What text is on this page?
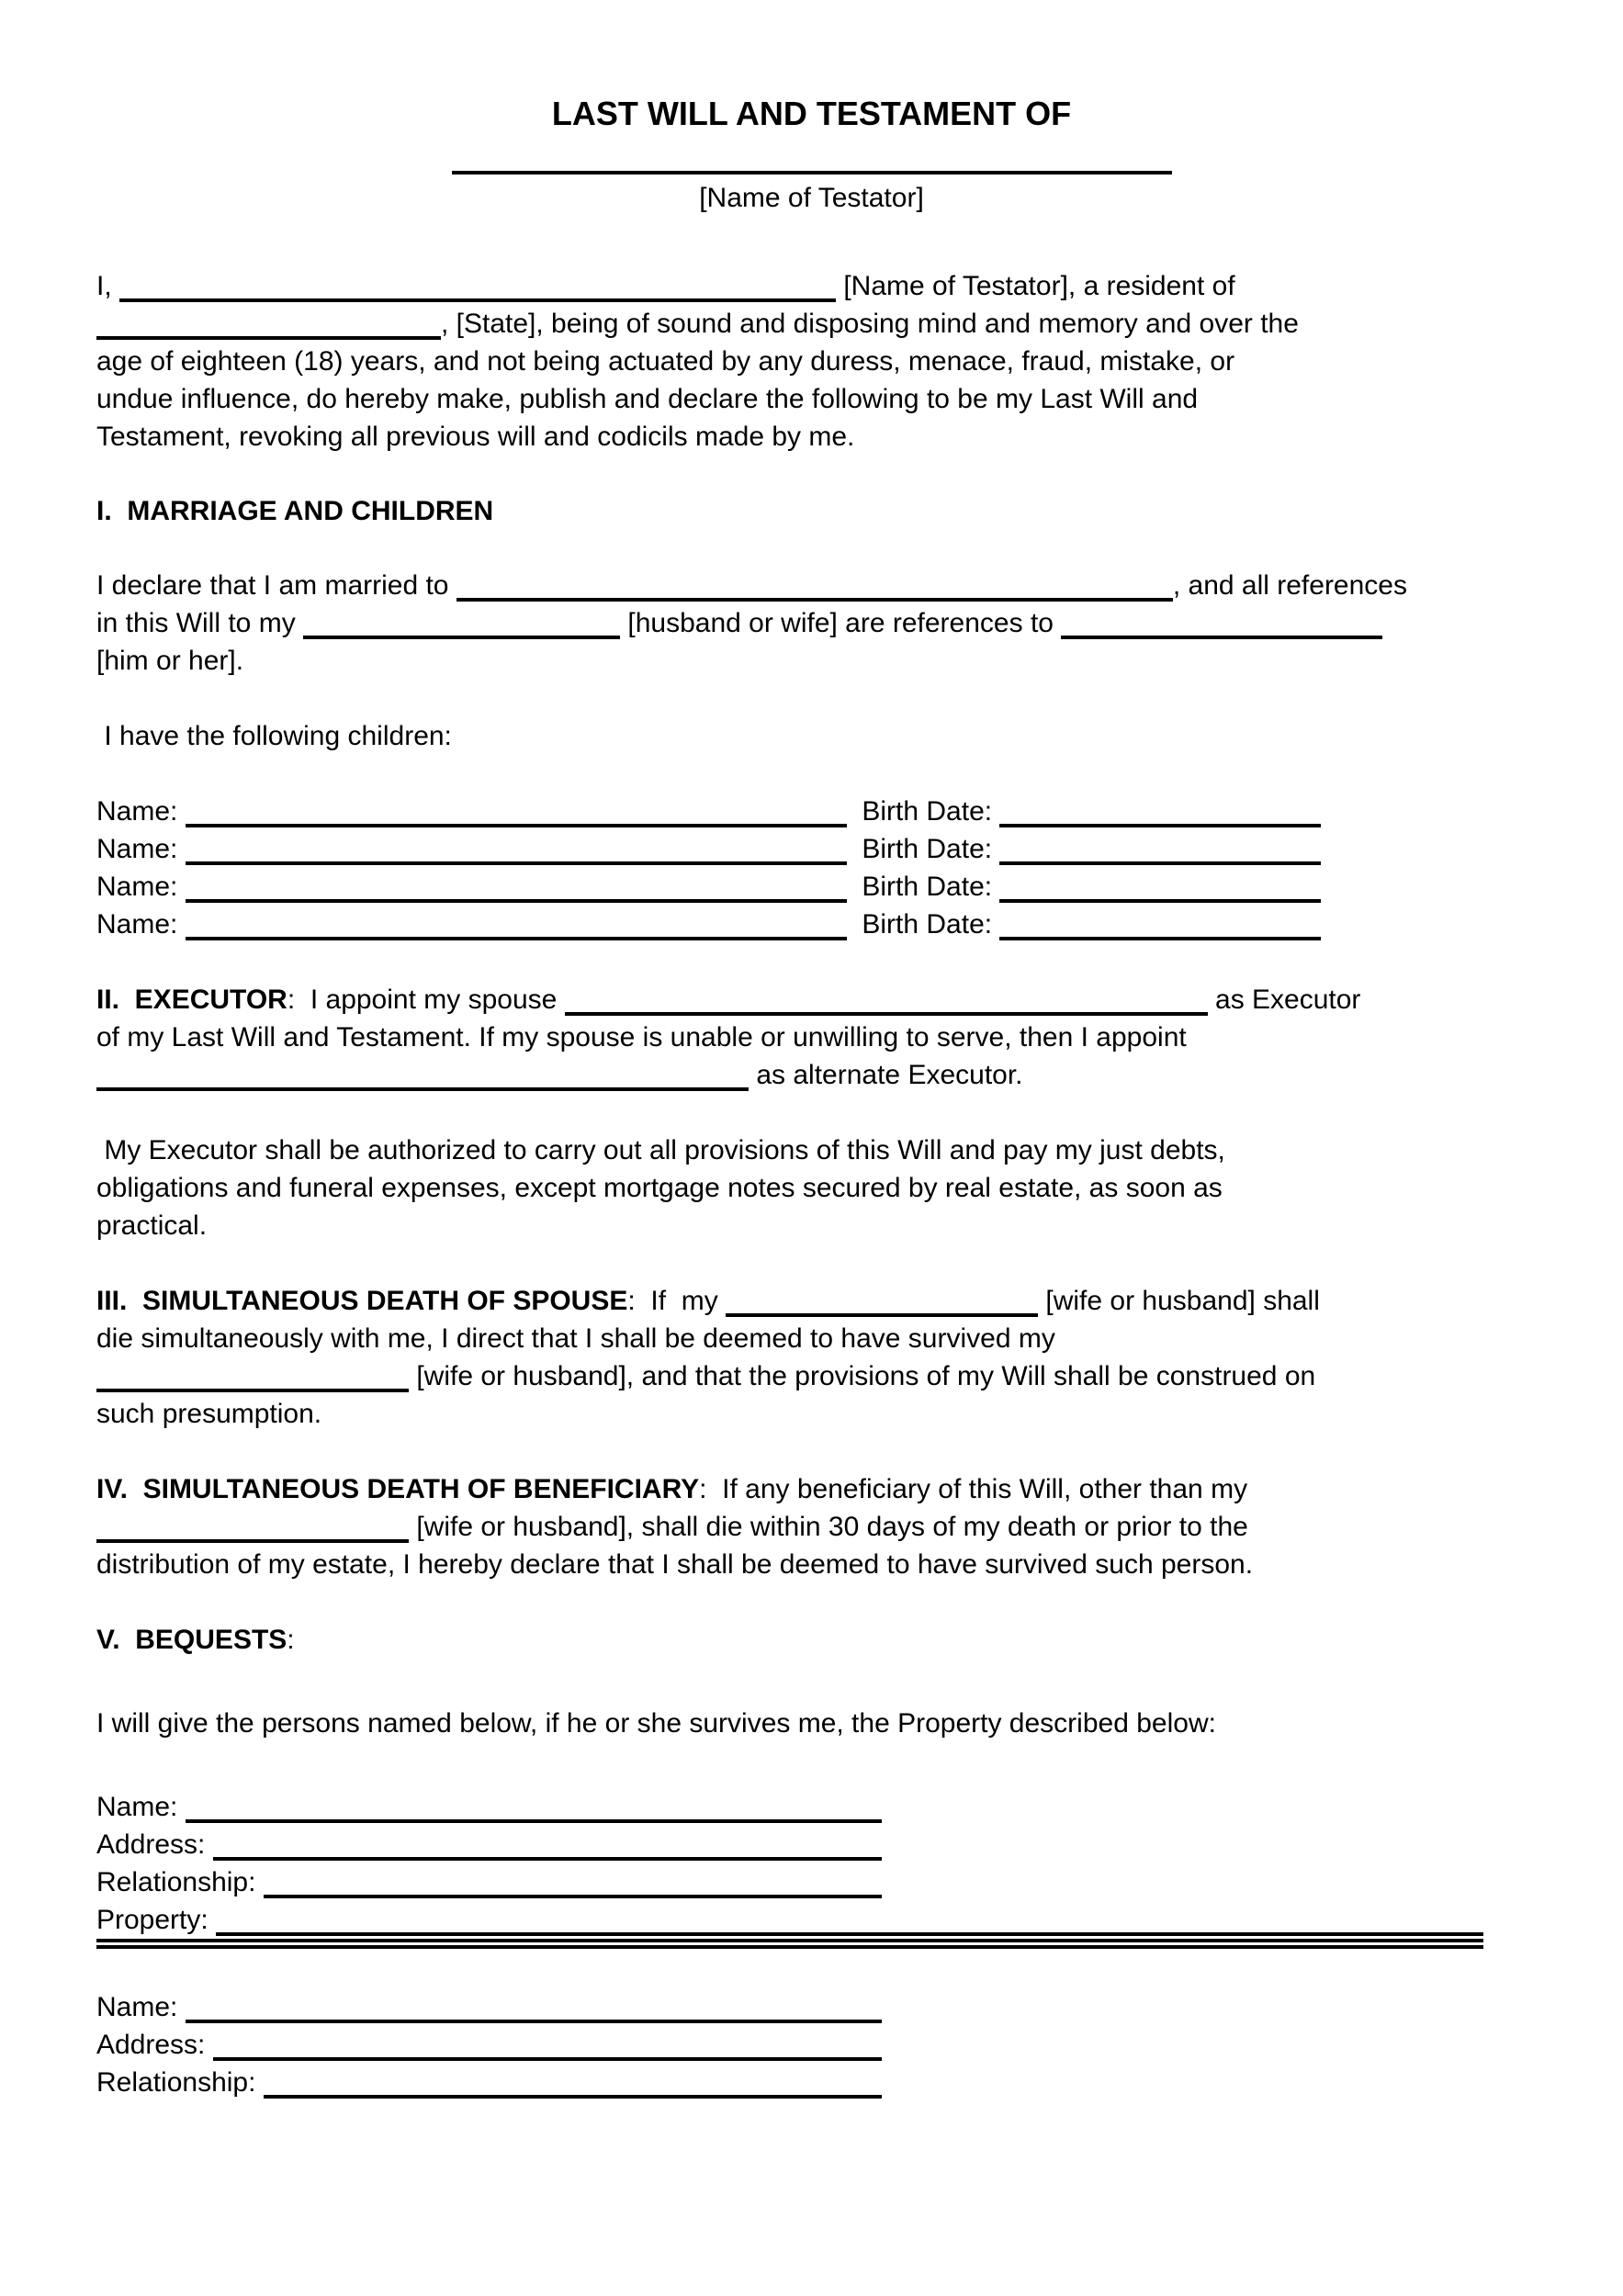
LAST WILL AND TESTAMENT OF
[Name of Testator]
I,	[Name of Testator], a resident of
, [State], being of sound and disposing mind and memory and over the
age of eighteen (18) years, and not being actuated by any duress, menace, fraud, mistake, or
undue influence, do hereby make, publish and declare the following to be my Last Will and
Testament, revoking all previous will and codicils made by me.
I.  MARRIAGE AND CHILDREN
I declare that I am married to	, and all references
in this Will to my	[husband or wife] are references to
[him or her].
I have the following children:
Name:	Birth Date:
Name:	Birth Date:
Name:	Birth Date:
Name:	Birth Date:
II.  EXECUTOR :  I appoint my spouse	as Executor
of my Last Will and Testament. If my spouse is unable or unwilling to serve, then I appoint
as alternate Executor.
My Executor shall be authorized to carry out all provisions of this Will and pay my just debts,
obligations and funeral expenses, except mortgage notes secured by real estate, as soon as
practical.
III.  SIMULTANEOUS DEATH OF SPOUSE :  If  my	[wife or husband] shall
die simultaneously with me, I direct that I shall be deemed to have survived my
[wife or husband], and that the provisions of my Will shall be construed on
such presumption.
IV.  SIMULTANEOUS DEATH OF BENEFICIARY :  If any beneficiary of this Will, other than my
[wife or husband], shall die within 30 days of my death or prior to the
distribution of my estate, I hereby declare that I shall be deemed to have survived such person.
V.  BEQUESTS :
I will give the persons named below, if he or she survives me, the Property described below:
Name:
Address:
Relationship:
Property:
Name:
Address:
Relationship:
